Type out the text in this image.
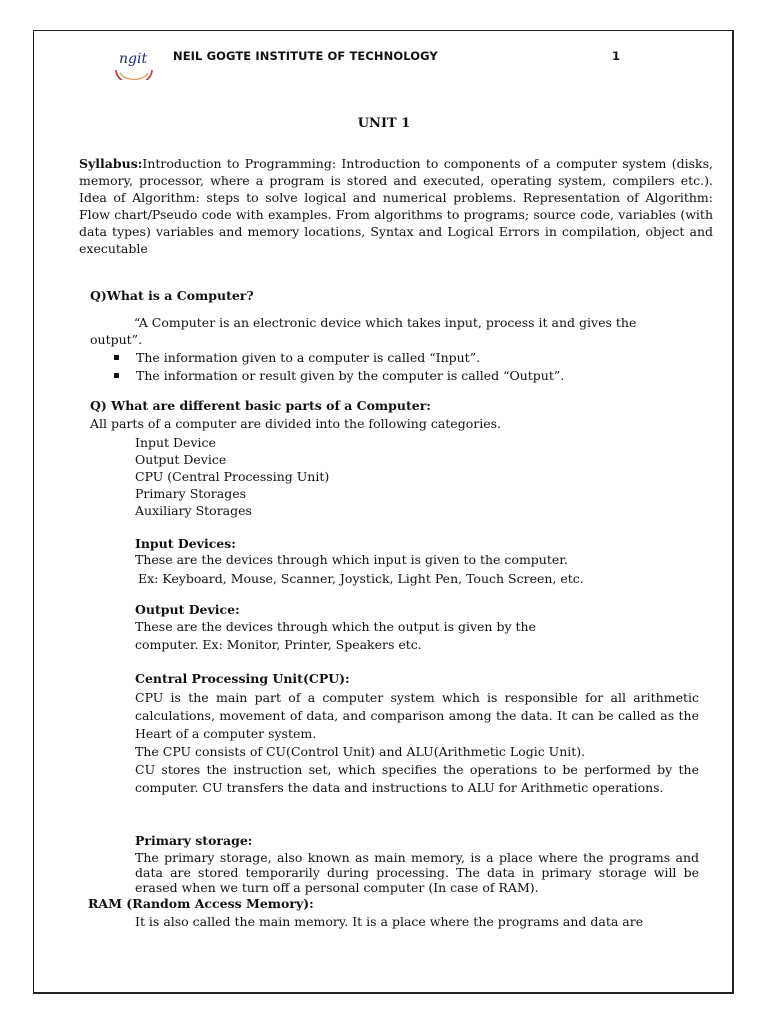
ngit NEIL GOGTE INSTITUTE OF TECHNOLOGY	1
UNIT 1
Syllabus:Introduction to Programming: Introduction to components of a computer system (disks, memory, processor, where a program is stored and executed, operating system, compilers etc.). Idea of Algorithm: steps to solve logical and numerical problems. Representation of Algorithm: Flow chart/Pseudo code with examples. From algorithms to programs; source code, variables (with data types) variables and memory locations, Syntax and Logical Errors in compilation, object and executable
Q)What is a Computer?
“A Computer is an electronic device which takes input, process it and gives the
output”.
The information given to a computer is called “Input”.
The information or result given by the computer is called “Output”.
Q) What are different basic parts of a Computer:
All parts of a computer are divided into the following categories.
Input Device
Output Device
CPU (Central Processing Unit)
Primary Storages
Auxiliary Storages
Input Devices:
These are the devices through which input is given to the computer.
Ex: Keyboard, Mouse, Scanner, Joystick, Light Pen, Touch Screen, etc.
Output Device:
These are the devices through which the output is given by the
computer. Ex: Monitor, Printer, Speakers etc.
Central Processing Unit(CPU):
CPU is the main part of a computer system which is responsible for all arithmetic calculations, movement of data, and comparison among the data. It can be called as the Heart of a computer system.
The CPU consists of CU(Control Unit) and ALU(Arithmetic Logic Unit).
CU stores the instruction set, which specifies the operations to be performed by the computer. CU transfers the data and instructions to ALU for Arithmetic operations.
Primary storage:
The primary storage, also known as main memory, is a place where the programs and data are stored temporarily during processing. The data in primary storage will be erased when we turn off a personal computer (In case of RAM).
RAM (Random Access Memory):
It is also called the main memory. It is a place where the programs and data are
